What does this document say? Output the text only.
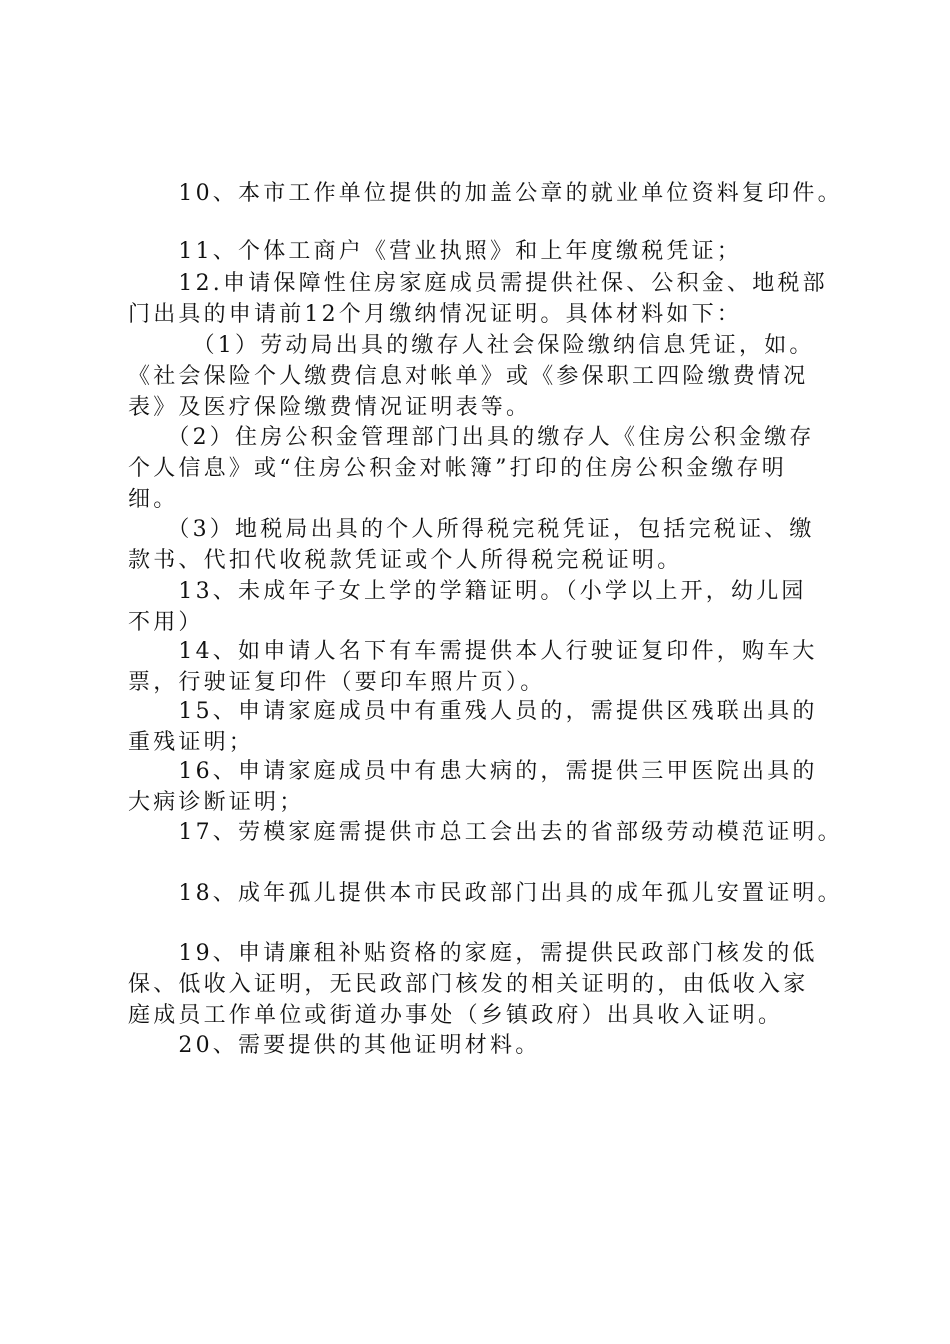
　　10、本市工作单位提供的加盖公章的就业单位资料复印件。
　　11、个体工商户《营业执照》和上年度缴税凭证；
　　12.申请保障性住房家庭成员需提供社保、公积金、地税部
门出具的申请前12个月缴纳情况证明。具体材料如下：
　　　（1）劳动局出具的缴存人社会保险缴纳信息凭证，如。
《社会保险个人缴费信息对帐单》或《参保职工四险缴费情况
表》及医疗保险缴费情况证明表等。
　　（2）住房公积金管理部门出具的缴存人《住房公积金缴存
个人信息》或“住房公积金对帐簿”打印的住房公积金缴存明
细。
　　（3）地税局出具的个人所得税完税凭证，包括完税证、缴
款书、代扣代收税款凭证或个人所得税完税证明。
　　13、未成年子女上学的学籍证明。（小学以上开，幼儿园
不用）
　　14、如申请人名下有车需提供本人行驶证复印件，购车大
票，行驶证复印件（要印车照片页）。
　　15、申请家庭成员中有重残人员的，需提供区残联出具的
重残证明；
　　16、申请家庭成员中有患大病的，需提供三甲医院出具的
大病诊断证明；
　　17、劳模家庭需提供市总工会出去的省部级劳动模范证明。
　　18、成年孤儿提供本市民政部门出具的成年孤儿安置证明。
　　19、申请廉租补贴资格的家庭，需提供民政部门核发的低
保、低收入证明，无民政部门核发的相关证明的，由低收入家
庭成员工作单位或街道办事处（乡镇政府）出具收入证明。
　　20、需要提供的其他证明材料。
